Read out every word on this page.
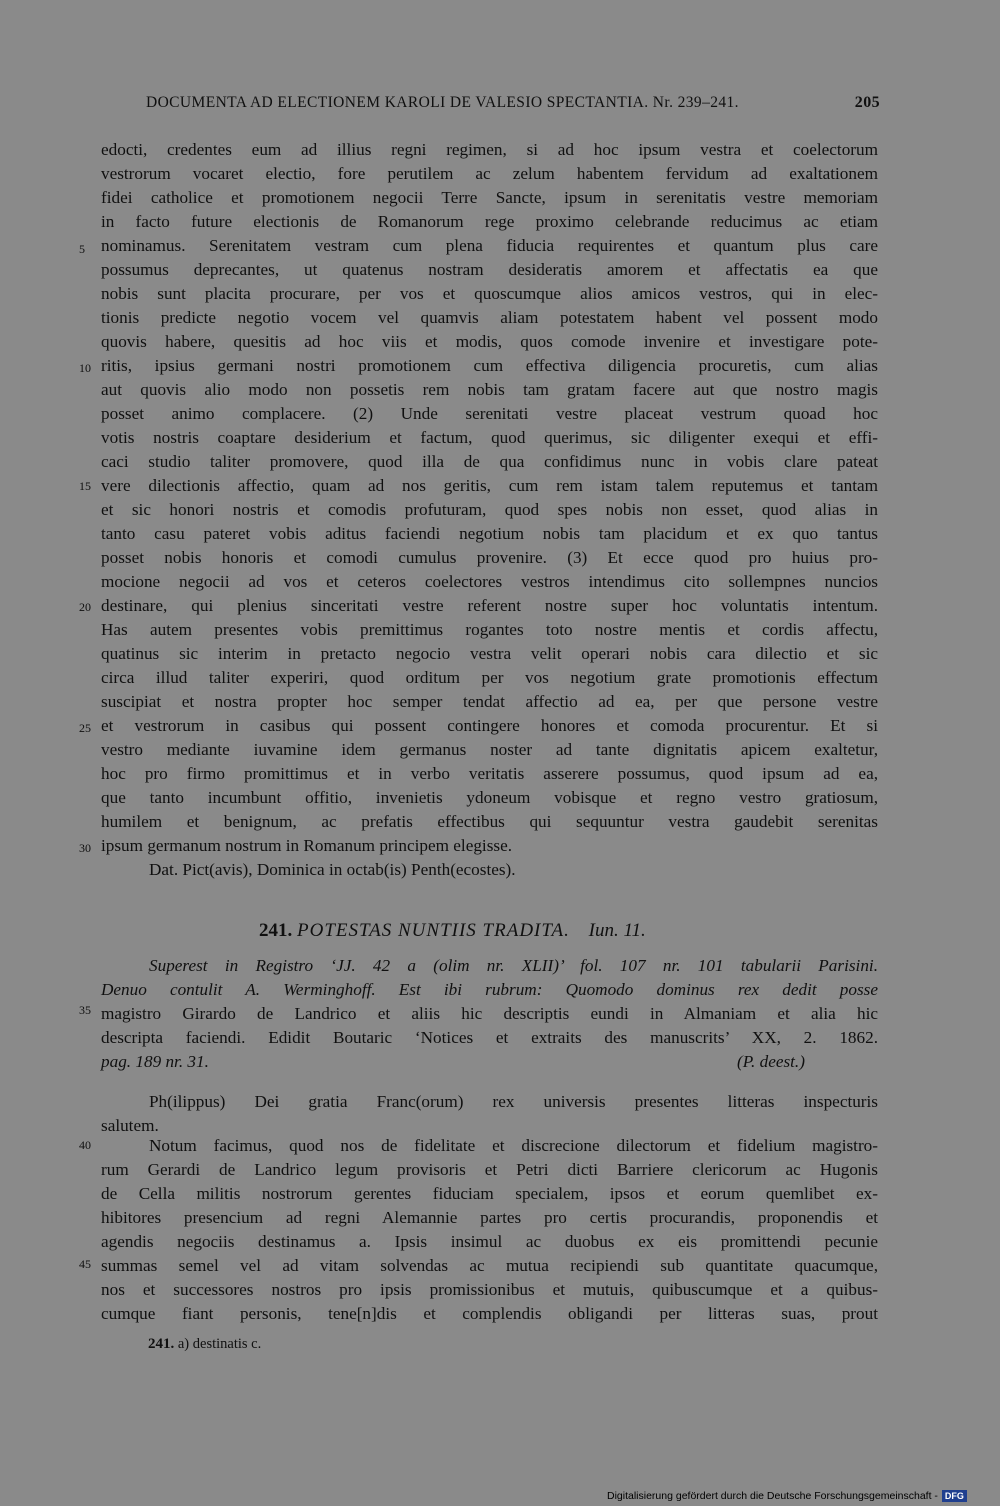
DOCUMENTA AD ELECTIONEM KAROLI DE VALESIO SPECTANTIA. Nr. 239–241.	205
5
10
15
20
25
30
35
40
45
edocti, credentes eum ad illius regni regimen, si ad hoc ipsum vestra et coelectorum
vestrorum vocaret electio, fore perutilem ac zelum habentem fervidum ad exaltationem
fidei catholice et promotionem negocii Terre Sancte, ipsum in serenitatis vestre memoriam
in facto future electionis de Romanorum rege proximo celebrande reducimus ac etiam
nominamus. Serenitatem vestram cum plena fiducia requirentes et quantum plus care
possumus deprecantes, ut quatenus nostram desideratis amorem et affectatis ea que
nobis sunt placita procurare, per vos et quoscumque alios amicos vestros, qui in elec-
tionis predicte negotio vocem vel quamvis aliam potestatem habent vel possent modo
quovis habere, quesitis ad hoc viis et modis, quos comode invenire et investigare pote-
ritis, ipsius germani nostri promotionem cum effectiva diligencia procuretis, cum alias
aut quovis alio modo non possetis rem nobis tam gratam facere aut que nostro magis
posset animo complacere. (2) Unde serenitati vestre placeat vestrum quoad hoc
votis nostris coaptare desiderium et factum, quod querimus, sic diligenter exequi et effi-
caci studio taliter promovere, quod illa de qua confidimus nunc in vobis clare pateat
vere dilectionis affectio, quam ad nos geritis, cum rem istam talem reputemus et tantam
et sic honori nostris et comodis profuturam, quod spes nobis non esset, quod alias in
tanto casu pateret vobis aditus faciendi negotium nobis tam placidum et ex quo tantus
posset nobis honoris et comodi cumulus provenire. (3) Et ecce quod pro huius pro-
mocione negocii ad vos et ceteros coelectores vestros intendimus cito sollempnes nuncios
destinare, qui plenius sinceritati vestre referent nostre super hoc voluntatis intentum.
Has autem presentes vobis premittimus rogantes toto nostre mentis et cordis affectu,
quatinus sic interim in pretacto negocio vestra velit operari nobis cara dilectio et sic
circa illud taliter experiri, quod orditum per vos negotium grate promotionis effectum
suscipiat et nostra propter hoc semper tendat affectio ad ea, per que persone vestre
et vestrorum in casibus qui possent contingere honores et comoda procurentur. Et si
vestro mediante iuvamine idem germanus noster ad tante dignitatis apicem exaltetur,
hoc pro firmo promittimus et in verbo veritatis asserere possumus, quod ipsum ad ea,
que tanto incumbunt offitio, invenietis ydoneum vobisque et regno vestro gratiosum,
humilem et benignum, ac prefatis effectibus qui sequuntur vestra gaudebit serenitas
ipsum germanum nostrum in Romanum principem elegisse.
Dat. Pict(avis), Dominica in octab(is) Penth(ecostes).
Superest in Registro ‘JJ. 42 a (olim nr. XLII)’ fol. 107 nr. 101 tabularii Parisini.
Denuo contulit A. Werminghoff. Est ibi rubrum: Quomodo dominus rex dedit posse
magistro Girardo de Landrico et aliis hic descriptis eundi in Almaniam et alia hic
descripta faciendi. Edidit Boutaric ‘Notices et extraits des manuscrits’ XX, 2. 1862.
pag. 189 nr. 31.	(P. deest.)
Ph(ilippus) Dei gratia Franc(orum) rex universis presentes litteras inspecturis
salutem.
Notum facimus, quod nos de fidelitate et discrecione dilectorum et fidelium magistro-
rum Gerardi de Landrico legum provisoris et Petri dicti Barriere clericorum ac Hugonis
de Cella militis nostrorum gerentes fiduciam specialem, ipsos et eorum quemlibet ex-
hibitores presencium ad regni Alemannie partes pro certis procurandis, proponendis et
agendis negociis destinamus a. Ipsis insimul ac duobus ex eis promittendi pecunie
summas semel vel ad vitam solvendas ac mutua recipiendi sub quantitate quacumque,
nos et successores nostros pro ipsis promissionibus et mutuis, quibuscumque et a quibus-
cumque fiant personis, tene[n]dis et complendis obligandi per litteras suas, prout
241. POTESTAS NUNTIIS TRADITA. Iun. 11.
241. a) destinatis c.
Digitalisierung gefördert durch die Deutsche Forschungsgemeinschaft - DFG
